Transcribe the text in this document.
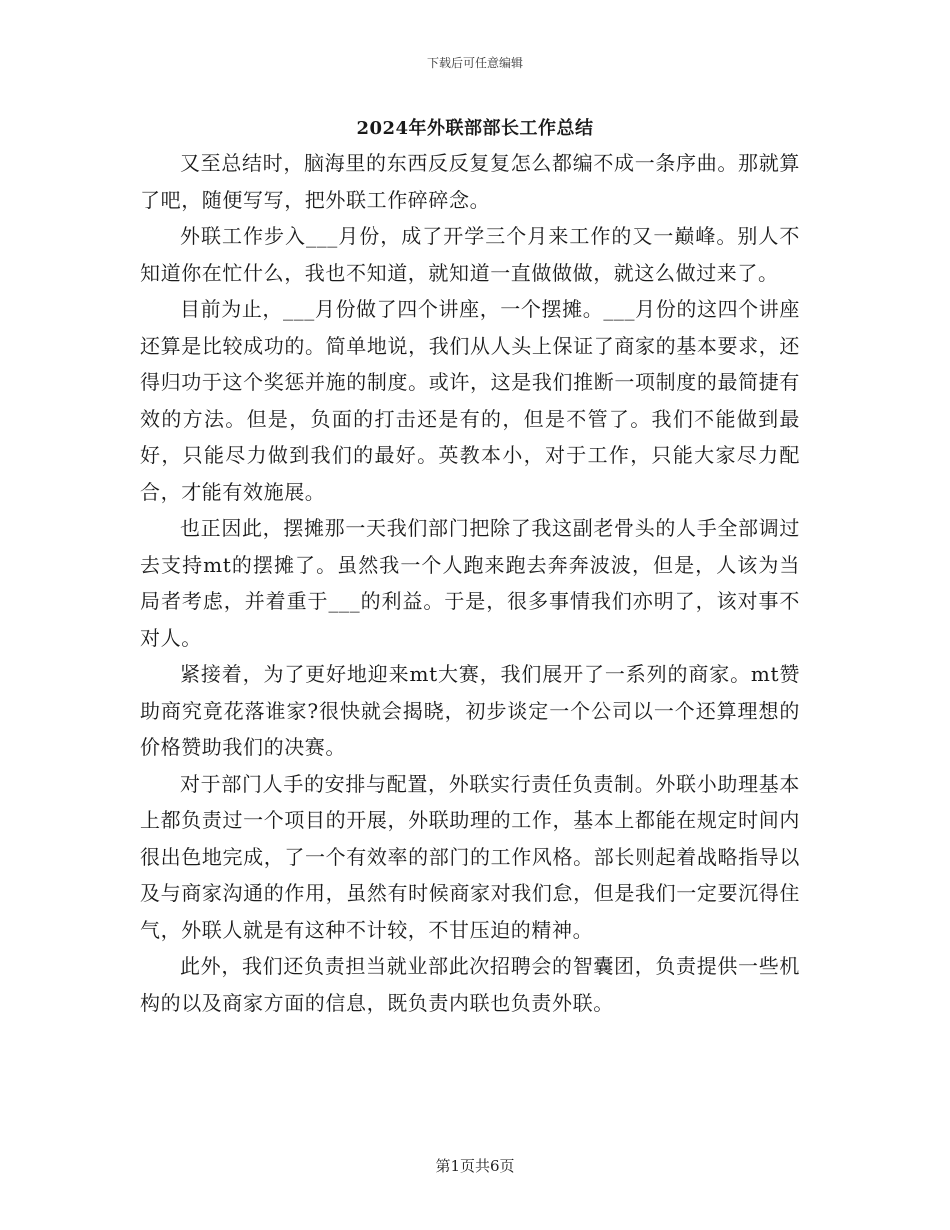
下载后可任意编辑
2024年外联部部长工作总结

又至总结时，脑海里的东西反反复复怎么都编不成一条序曲。那就算了吧，随便写写，把外联工作碎碎念。

外联工作步入___月份，成了开学三个月来工作的又一巅峰。别人不知道你在忙什么，我也不知道，就知道一直做做做，就这么做过来了。

目前为止，___月份做了四个讲座，一个摆摊。___月份的这四个讲座还算是比较成功的。简单地说，我们从人头上保证了商家的基本要求，还得归功于这个奖惩并施的制度。或许，这是我们推断一项制度的最简捷有效的方法。但是，负面的打击还是有的，但是不管了。我们不能做到最好，只能尽力做到我们的最好。英教本小，对于工作，只能大家尽力配合，才能有效施展。

也正因此，摆摊那一天我们部门把除了我这副老骨头的人手全部调过去支持mt的摆摊了。虽然我一个人跑来跑去奔奔波波，但是，人该为当局者考虑，并着重于___的利益。于是，很多事情我们亦明了，该对事不对人。

紧接着，为了更好地迎来mt大赛，我们展开了一系列的商家。mt赞助商究竟花落谁家?很快就会揭晓，初步谈定一个公司以一个还算理想的价格赞助我们的决赛。

对于部门人手的安排与配置，外联实行责任负责制。外联小助理基本上都负责过一个项目的开展，外联助理的工作，基本上都能在规定时间内很出色地完成，了一个有效率的部门的工作风格。部长则起着战略指导以及与商家沟通的作用，虽然有时候商家对我们怠，但是我们一定要沉得住气，外联人就是有这种不计较，不甘压迫的精神。

此外，我们还负责担当就业部此次招聘会的智囊团，负责提供一些机构的以及商家方面的信息，既负责内联也负责外联。

第1页共6页
